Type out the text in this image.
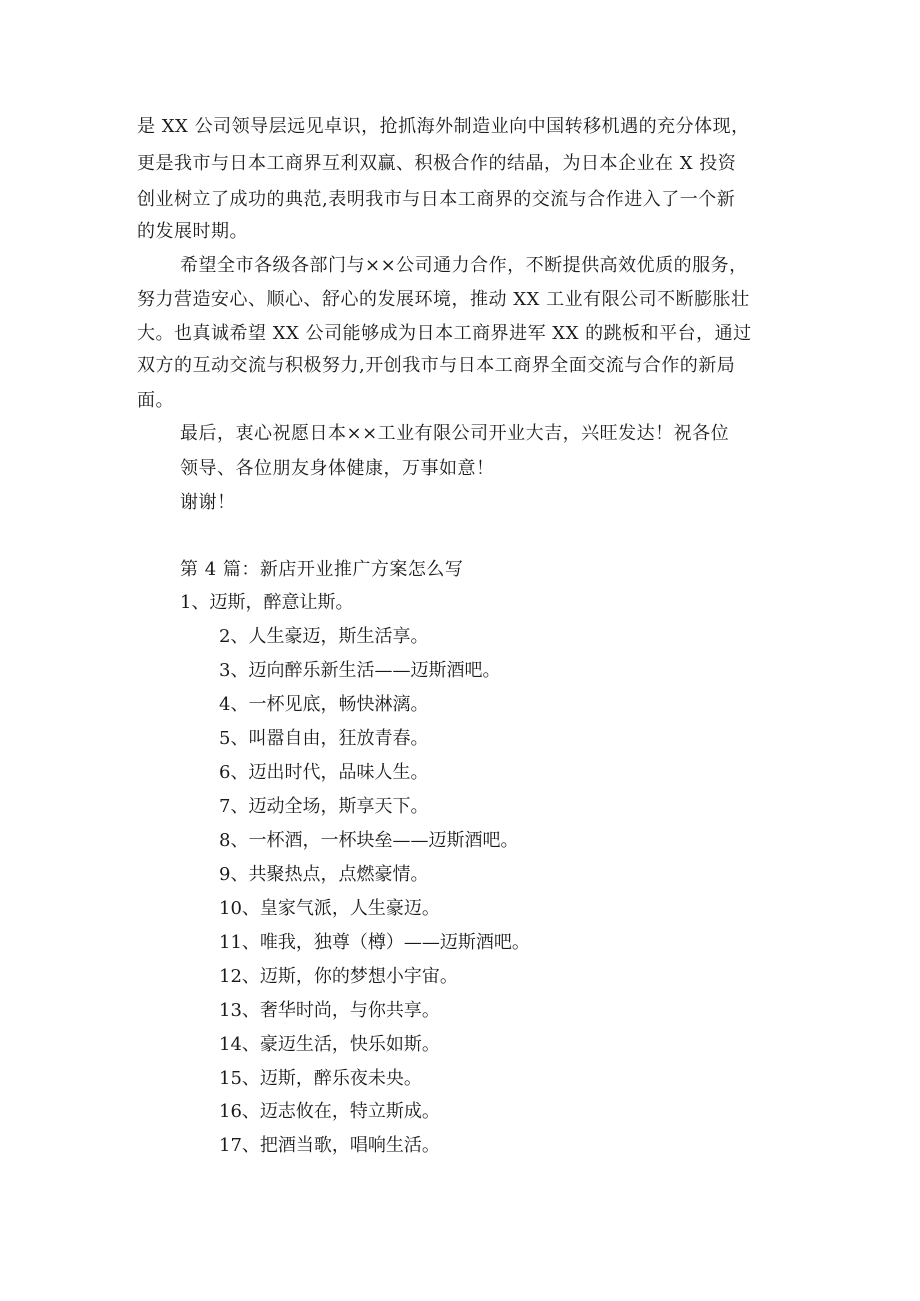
是 XX 公司领导层远见卓识，抢抓海外制造业向中国转移机遇的充分体现，
更是我市与日本工商界互利双赢、积极合作的结晶，为日本企业在 X 投资
创业树立了成功的典范,表明我市与日本工商界的交流与合作进入了一个新
的发展时期。
希望全市各级各部门与××公司通力合作，不断提供高效优质的服务，
努力营造安心、顺心、舒心的发展环境，推动 XX 工业有限公司不断膨胀壮
大。也真诚希望 XX 公司能够成为日本工商界进军 XX 的跳板和平台，通过
双方的互动交流与积极努力,开创我市与日本工商界全面交流与合作的新局
面。
最后，衷心祝愿日本××工业有限公司开业大吉，兴旺发达！祝各位
领导、各位朋友身体健康，万事如意！
谢谢！
第 4 篇：新店开业推广方案怎么写
1、迈斯，醉意让斯。
2、人生豪迈，斯生活享。
3、迈向醉乐新生活——迈斯酒吧。
4、一杯见底，畅快淋漓。
5、叫嚣自由，狂放青春。
6、迈出时代，品味人生。
7、迈动全场，斯享天下。
8、一杯酒，一杯块垒——迈斯酒吧。
9、共聚热点，点燃豪情。
10、皇家气派，人生豪迈。
11、唯我，独尊（樽）——迈斯酒吧。
12、迈斯，你的梦想小宇宙。
13、奢华时尚，与你共享。
14、豪迈生活，快乐如斯。
15、迈斯，醉乐夜未央。
16、迈志攸在，特立斯成。
17、把酒当歌，唱响生活。
